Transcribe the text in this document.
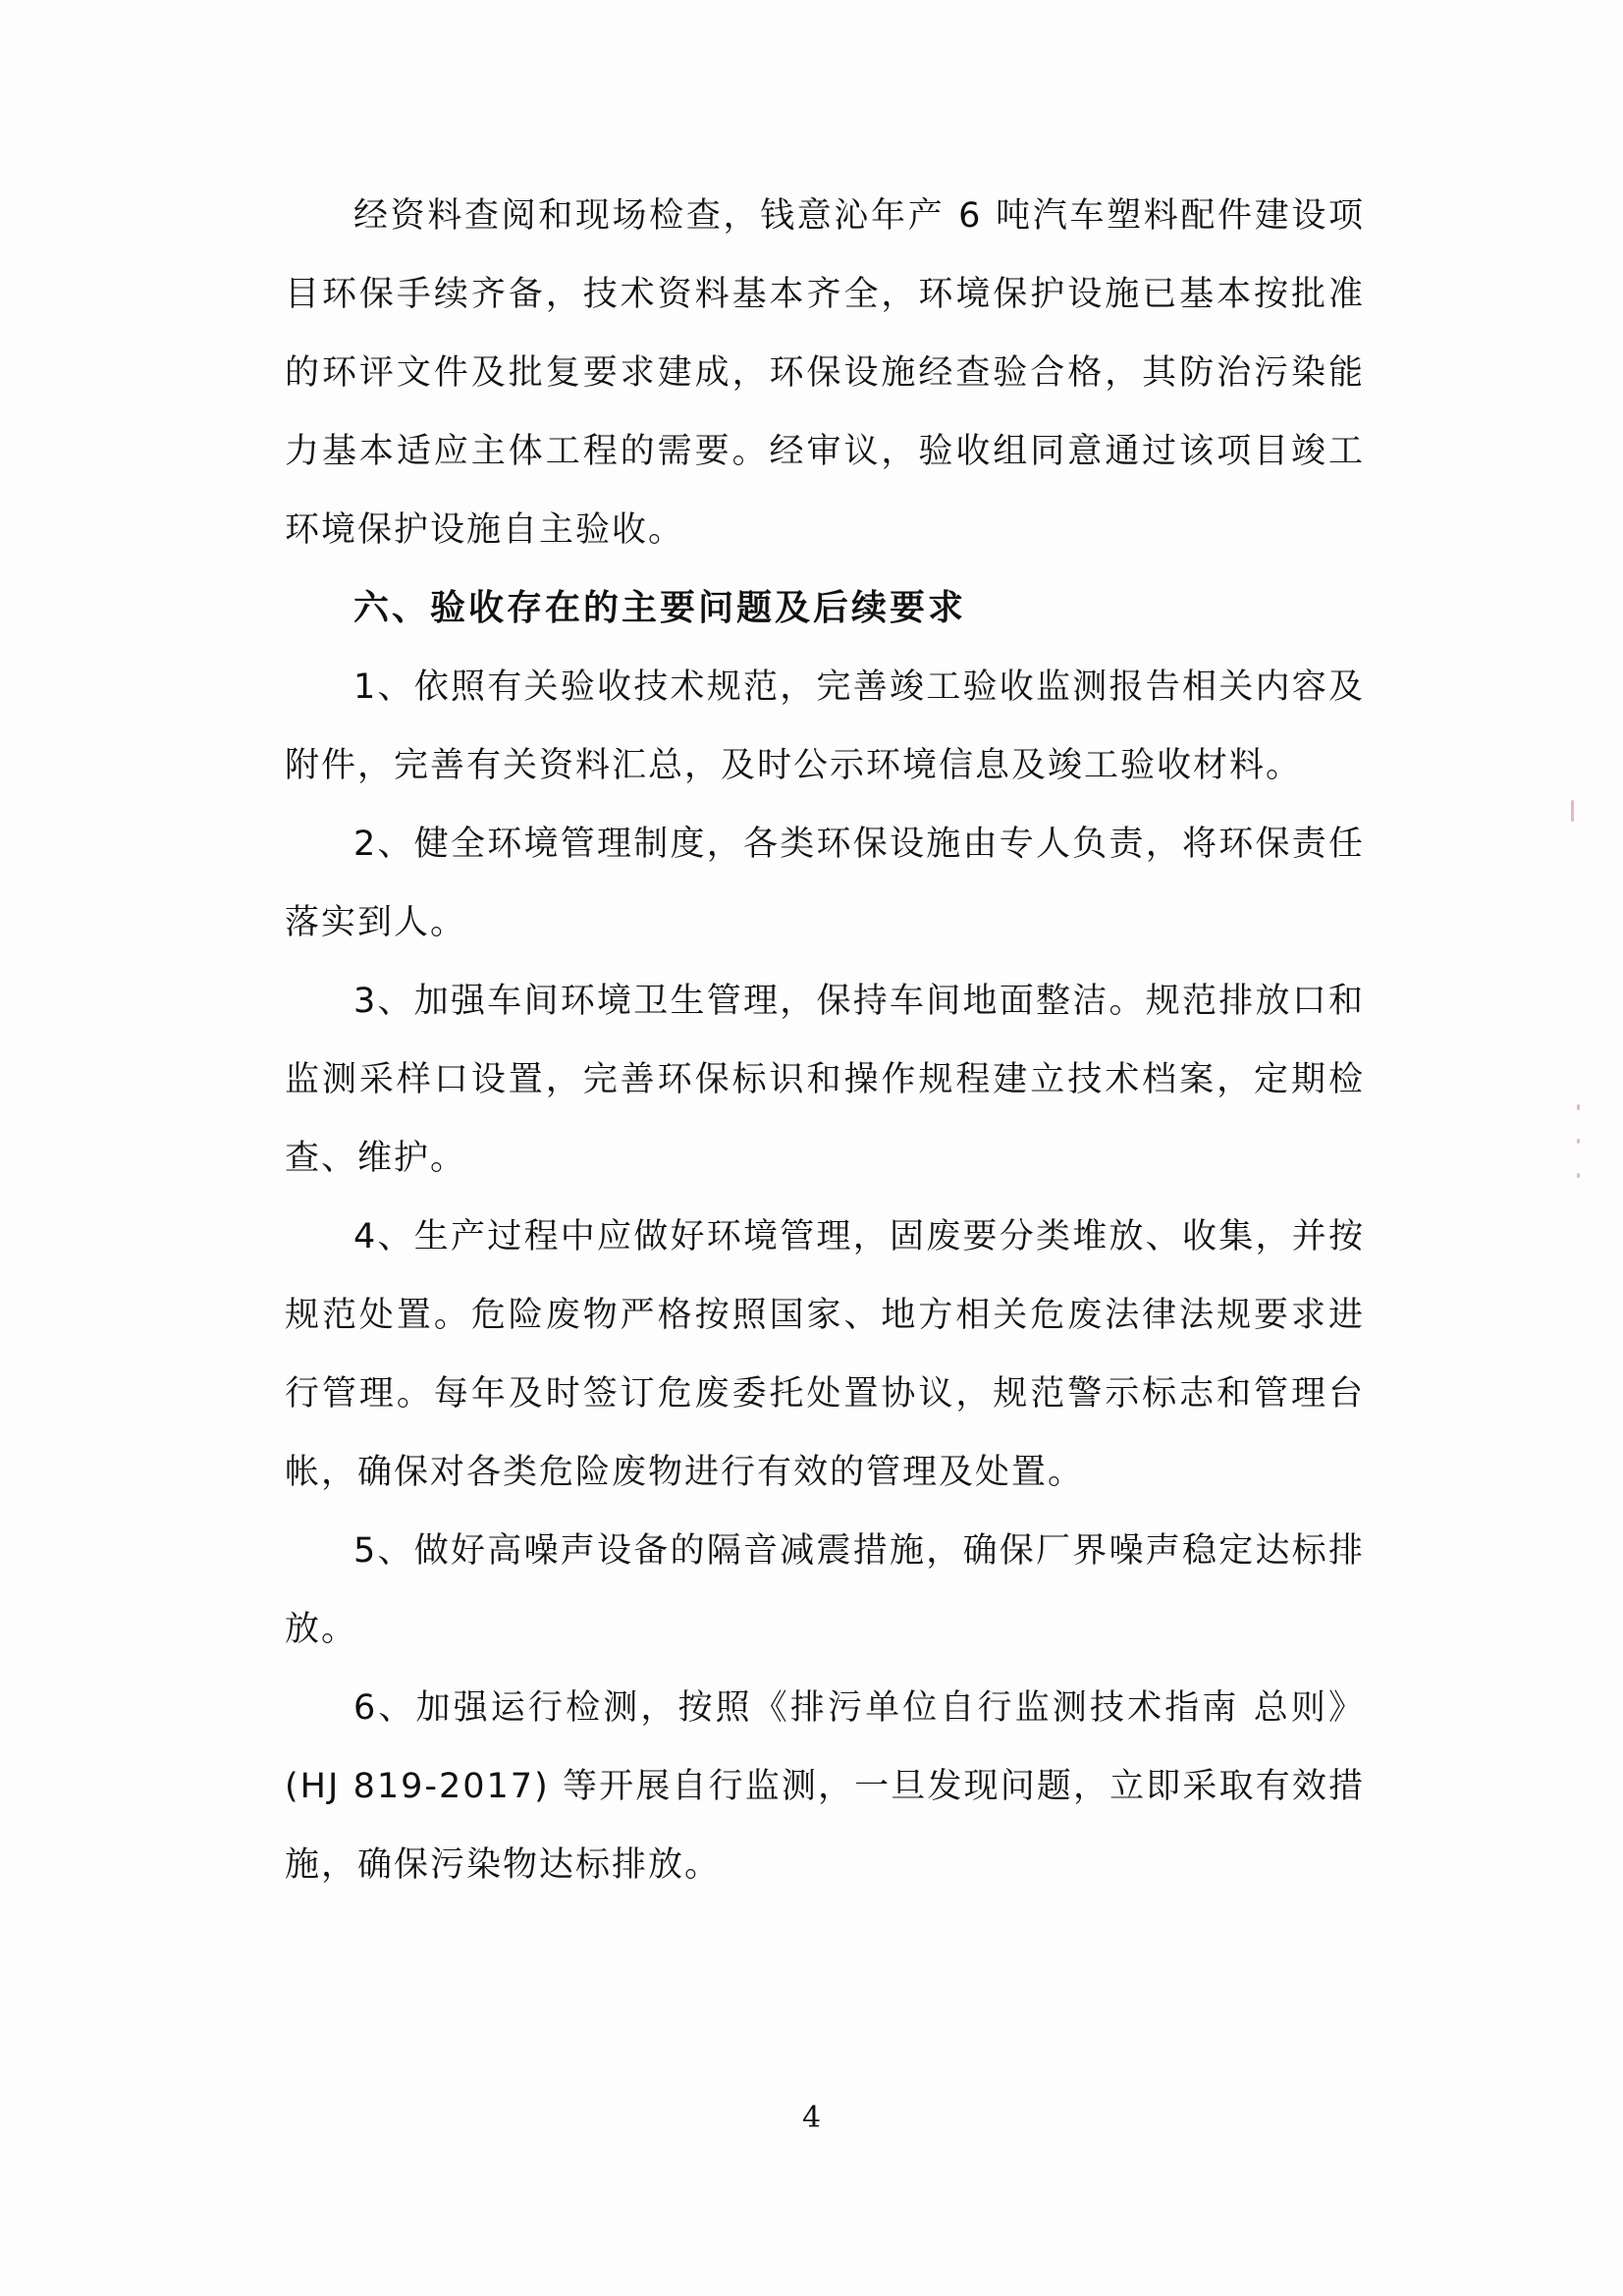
经资料查阅和现场检查，钱意沁年产 6 吨汽车塑料配件建设项目环保手续齐备，技术资料基本齐全，环境保护设施已基本按批准的环评文件及批复要求建成，环保设施经查验合格，其防治污染能力基本适应主体工程的需要。经审议，验收组同意通过该项目竣工环境保护设施自主验收。

六、验收存在的主要问题及后续要求

1、依照有关验收技术规范，完善竣工验收监测报告相关内容及附件，完善有关资料汇总，及时公示环境信息及竣工验收材料。

2、健全环境管理制度，各类环保设施由专人负责，将环保责任落实到人。

3、加强车间环境卫生管理，保持车间地面整洁。规范排放口和监测采样口设置，完善环保标识和操作规程建立技术档案，定期检查、维护。

4、生产过程中应做好环境管理，固废要分类堆放、收集，并按规范处置。危险废物严格按照国家、地方相关危废法律法规要求进行管理。每年及时签订危废委托处置协议，规范警示标志和管理台帐，确保对各类危险废物进行有效的管理及处置。

5、做好高噪声设备的隔音减震措施，确保厂界噪声稳定达标排放。

6、加强运行检测，按照《排污单位自行监测技术指南 总则》(HJ 819-2017) 等开展自行监测，一旦发现问题，立即采取有效措施，确保污染物达标排放。

4
